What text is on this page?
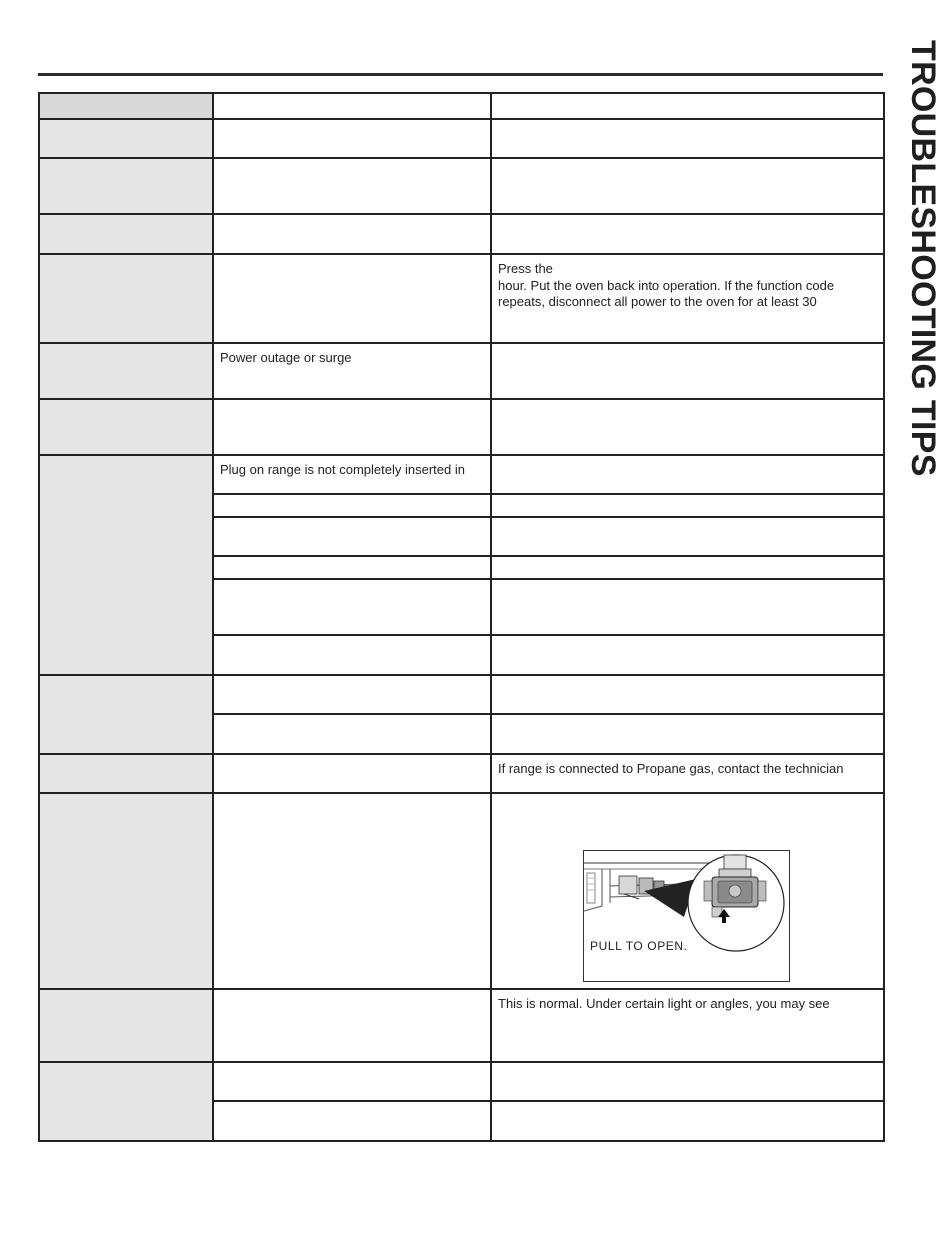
TROUBLESHOOTING TIPS

		Press the
hour. Put the oven back into operation. If the function code repeats, disconnect all power to the oven for at least 30
	Power outage or surge	

	Plug on range is not completely inserted in	

		If range is connected to Propane gas, contact the technician

		PULL TO OPEN.

		This is normal. Under certain light or angles, you may see
